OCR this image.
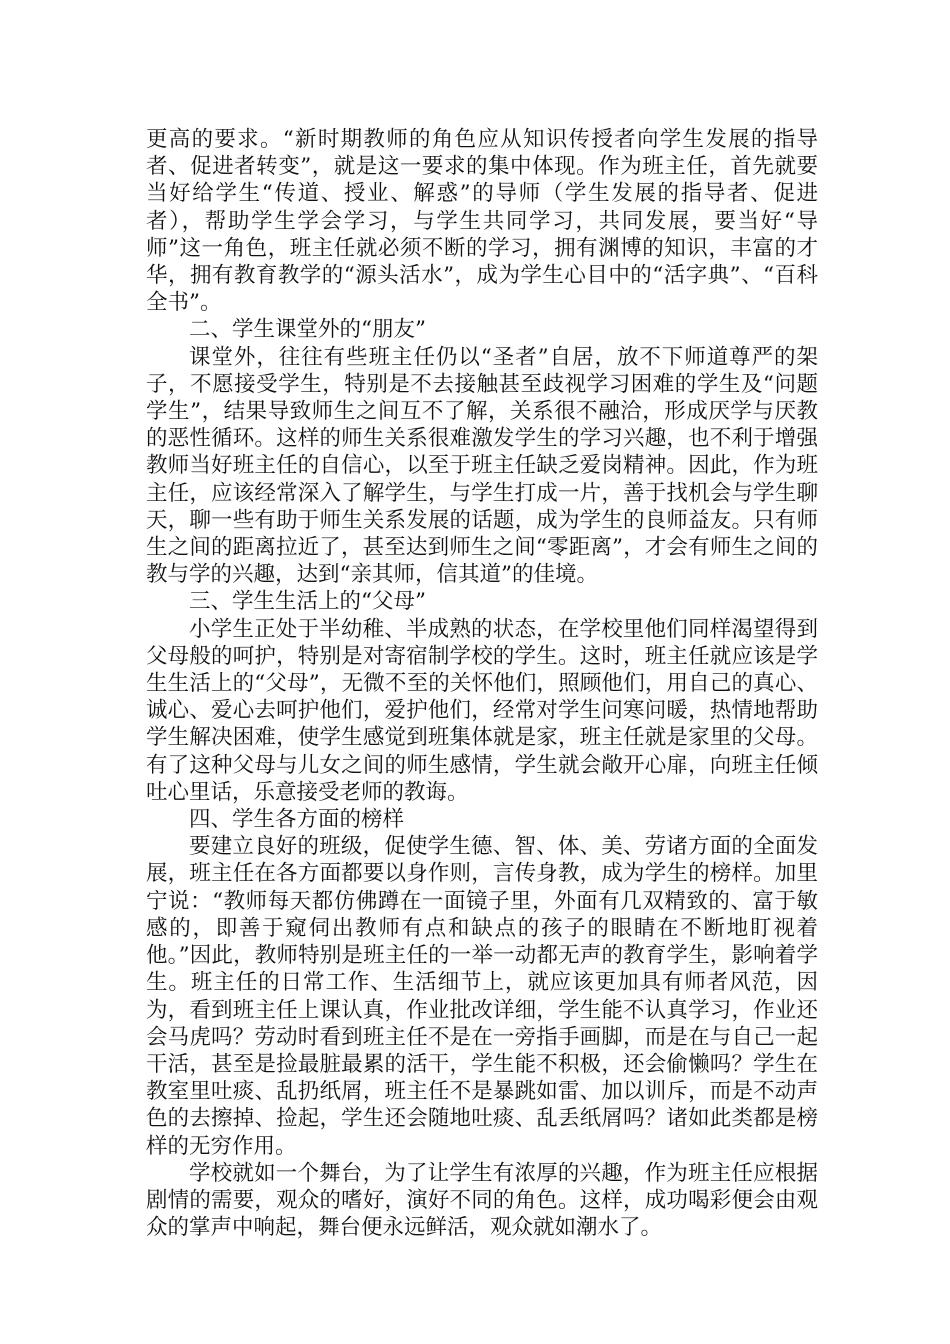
更高的要求。“新时期教师的角色应从知识传授者向学生发展的指导者、促进者转变”，就是这一要求的集中体现。作为班主任，首先就要当好给学生“传道、授业、解惑”的导师（学生发展的指导者、促进者），帮助学生学会学习，与学生共同学习，共同发展，要当好“导师”这一角色，班主任就必须不断的学习，拥有渊博的知识，丰富的才华，拥有教育教学的“源头活水”，成为学生心目中的“活字典”、“百科全书”。

二、学生课堂外的“朋友”

课堂外，往往有些班主任仍以“圣者”自居，放不下师道尊严的架子，不愿接受学生，特别是不去接触甚至歧视学习困难的学生及“问题学生”，结果导致师生之间互不了解，关系很不融洽，形成厌学与厌教的恶性循环。这样的师生关系很难激发学生的学习兴趣，也不利于增强教师当好班主任的自信心，以至于班主任缺乏爱岗精神。因此，作为班主任，应该经常深入了解学生，与学生打成一片，善于找机会与学生聊天，聊一些有助于师生关系发展的话题，成为学生的良师益友。只有师生之间的距离拉近了，甚至达到师生之间“零距离”，才会有师生之间的教与学的兴趣，达到“亲其师，信其道”的佳境。

三、学生生活上的“父母”

小学生正处于半幼稚、半成熟的状态，在学校里他们同样渴望得到父母般的呵护，特别是对寄宿制学校的学生。这时，班主任就应该是学生生活上的“父母”，无微不至的关怀他们，照顾他们，用自己的真心、诚心、爱心去呵护他们，爱护他们，经常对学生问寒问暖，热情地帮助学生解决困难，使学生感觉到班集体就是家，班主任就是家里的父母。有了这种父母与儿女之间的师生感情，学生就会敞开心扉，向班主任倾吐心里话，乐意接受老师的教诲。

四、学生各方面的榜样

要建立良好的班级，促使学生德、智、体、美、劳诸方面的全面发展，班主任在各方面都要以身作则，言传身教，成为学生的榜样。加里宁说：“教师每天都仿佛蹲在一面镜子里，外面有几双精致的、富于敏感的，即善于窥伺出教师有点和缺点的孩子的眼睛在不断地盯视着他。”因此，教师特别是班主任的一举一动都无声的教育学生，影响着学生。班主任的日常工作、生活细节上，就应该更加具有师者风范，因为，看到班主任上课认真，作业批改详细，学生能不认真学习，作业还会马虎吗？劳动时看到班主任不是在一旁指手画脚，而是在与自己一起干活，甚至是捡最脏最累的活干，学生能不积极，还会偷懒吗？学生在教室里吐痰、乱扔纸屑，班主任不是暴跳如雷、加以训斥，而是不动声色的去擦掉、捡起，学生还会随地吐痰、乱丢纸屑吗？诸如此类都是榜样的无穷作用。

学校就如一个舞台，为了让学生有浓厚的兴趣，作为班主任应根据剧情的需要，观众的嗜好，演好不同的角色。这样，成功喝彩便会由观众的掌声中响起，舞台便永远鲜活，观众就如潮水了。
